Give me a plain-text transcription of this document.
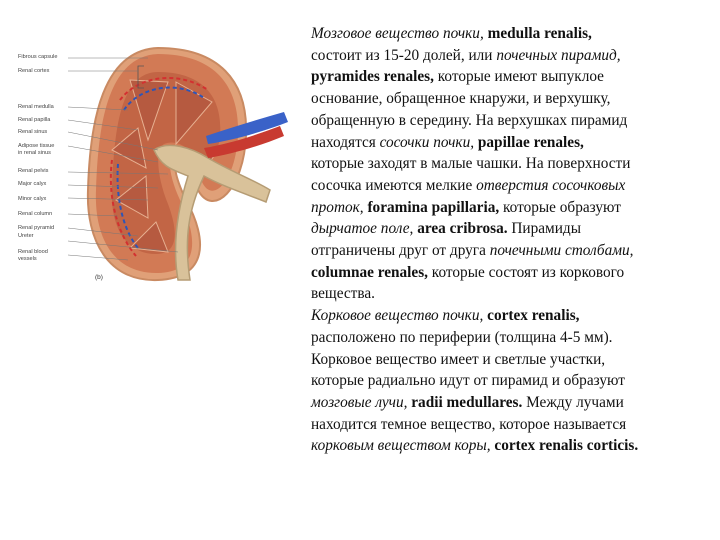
Fibrous capsule
Renal cortex
Renal medulla
Renal papilla
Renal sinus
Adipose tissue
in renal sinus
Renal pelvis
Major calyx
Minor calyx
Renal column
Renal pyramid
Ureter
Renal blood
vessels
(b)
Мозговое вещество почки, medulla renalis,
состоит из 15-20 долей, или почечных пирамид,
pyramides renales, которые имеют выпуклое
основание, обращенное кнаружи, и верхушку,
обращенную в середину. На верхушках пирамид
находятся сосочки почки, papillae renales,
которые заходят в малые чашки. На поверхности
сосочка имеются мелкие отверстия сосочковых
проток, foramina papillaria, которые образуют
дырчатое поле, area cribrosa. Пирамиды
отграничены друг от друга почечными столбами,
columnae renales, которые состоят из коркового
вещества.
Корковое вещество почки, cortex renalis,
расположено по периферии (толщина 4-5 мм).
Корковое вещество имеет и светлые участки,
которые радиально идут от пирамид и образуют
мозговые лучи, radii medullares. Между лучами
находится темное вещество, которое называется
корковым веществом коры, cortex renalis corticis.
